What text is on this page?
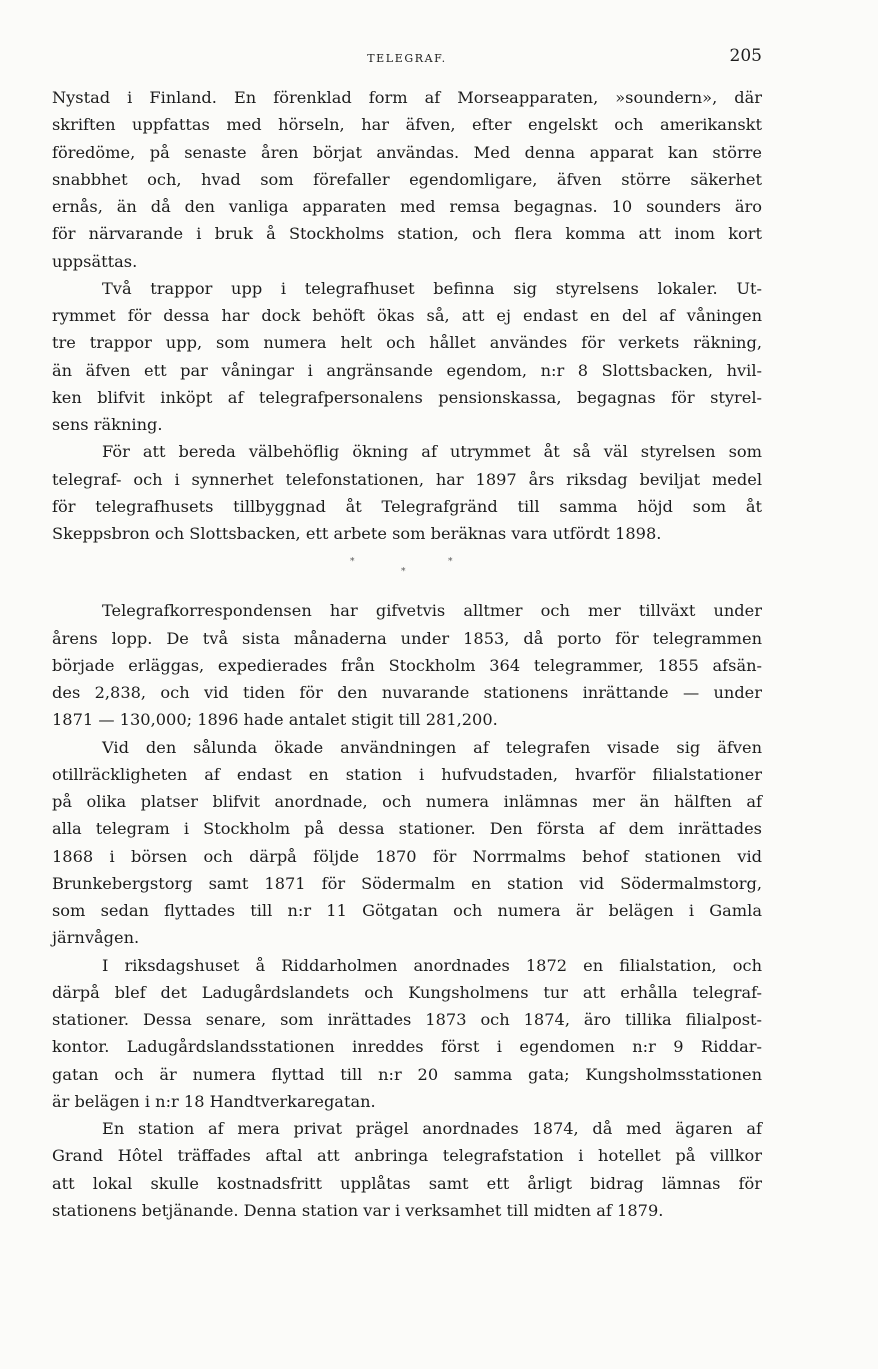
TELEGRAF.	205
Nystad i Finland. En förenklad form af Morseapparaten, »soundern», där
skriften uppfattas med hörseln, har äfven, efter engelskt och amerikanskt
föredöme, på senaste åren börjat användas. Med denna apparat kan större
snabbhet och, hvad som förefaller egendomligare, äfven större säkerhet
ernås, än då den vanliga apparaten med remsa begagnas. 10 sounders äro
för närvarande i bruk å Stockholms station, och flera komma att inom kort
uppsättas.
Två trappor upp i telegrafhuset befinna sig styrelsens lokaler. Ut-
rymmet för dessa har dock behöft ökas så, att ej endast en del af våningen
tre trappor upp, som numera helt och hållet användes för verkets räkning,
än äfven ett par våningar i angränsande egendom, n:r 8 Slottsbacken, hvil-
ken blifvit inköpt af telegrafpersonalens pensionskassa, begagnas för styrel-
sens räkning.
För att bereda välbehöflig ökning af utrymmet åt så väl styrelsen som
telegraf- och i synnerhet telefonstationen, har 1897 års riksdag beviljat medel
för telegrafhusets tillbyggnad åt Telegrafgränd till samma höjd som åt
Skeppsbron och Slottsbacken, ett arbete som beräknas vara utfördt 1898.
*
*
*
Telegrafkorrespondensen har gifvetvis alltmer och mer tillväxt under
årens lopp. De två sista månaderna under 1853, då porto för telegrammen
började erläggas, expedierades från Stockholm 364 telegrammer, 1855 afsän-
des 2,838, och vid tiden för den nuvarande stationens inrättande — under
1871 — 130,000; 1896 hade antalet stigit till 281,200.
Vid den sålunda ökade användningen af telegrafen visade sig äfven
otillräckligheten af endast en station i hufvudstaden, hvarför filialstationer
på olika platser blifvit anordnade, och numera inlämnas mer än hälften af
alla telegram i Stockholm på dessa stationer. Den första af dem inrättades
1868 i börsen och därpå följde 1870 för Norrmalms behof stationen vid
Brunkebergstorg samt 1871 för Södermalm en station vid Södermalmstorg,
som sedan flyttades till n:r 11 Götgatan och numera är belägen i Gamla
järnvågen.
I riksdagshuset å Riddarholmen anordnades 1872 en filialstation, och
därpå blef det Ladugårdslandets och Kungsholmens tur att erhålla telegraf-
stationer. Dessa senare, som inrättades 1873 och 1874, äro tillika filialpost-
kontor. Ladugårdslandsstationen inreddes först i egendomen n:r 9 Riddar-
gatan och är numera flyttad till n:r 20 samma gata; Kungsholmsstationen
är belägen i n:r 18 Handtverkaregatan.
En station af mera privat prägel anordnades 1874, då med ägaren af
Grand Hôtel träffades aftal att anbringa telegrafstation i hotellet på villkor
att lokal skulle kostnadsfritt upplåtas samt ett årligt bidrag lämnas för
stationens betjänande. Denna station var i verksamhet till midten af 1879.
